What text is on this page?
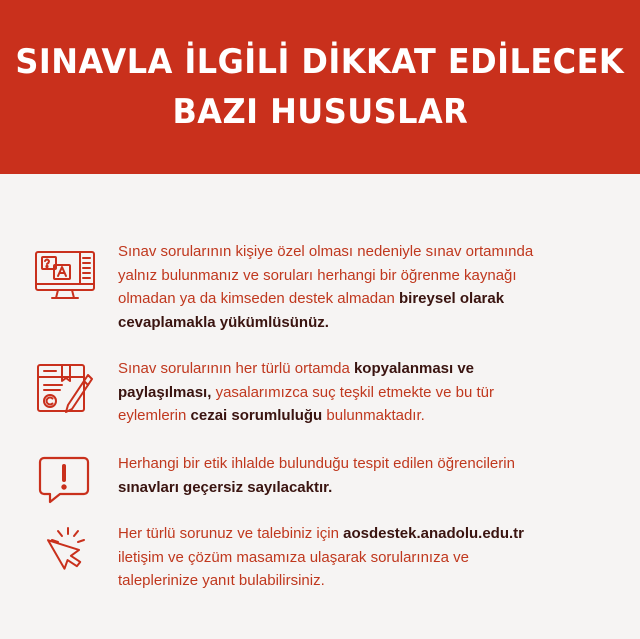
SINAVLA İLGİLİ DİKKAT EDİLECEK
BAZI HUSUSLAR
Sınav sorularının kişiye özel olması nedeniyle sınav ortamında
yalnız bulunmanız ve soruları herhangi bir öğrenme kaynağı
olmadan ya da kimseden destek almadan bireysel olarak
cevaplamakla yükümlüsünüz.
Sınav sorularının her türlü ortamda kopyalanması ve
paylaşılması, yasalarımızca suç teşkil etmekte ve bu tür
eylemlerin cezai sorumluluğu bulunmaktadır.
Herhangi bir etik ihlalde bulunduğu tespit edilen öğrencilerin
sınavları geçersiz sayılacaktır.
Her türlü sorunuz ve talebiniz için aosdestek.anadolu.edu.tr
iletişim ve çözüm masamıza ulaşarak sorularınıza ve
taleplerinize yanıt bulabilirsiniz.
